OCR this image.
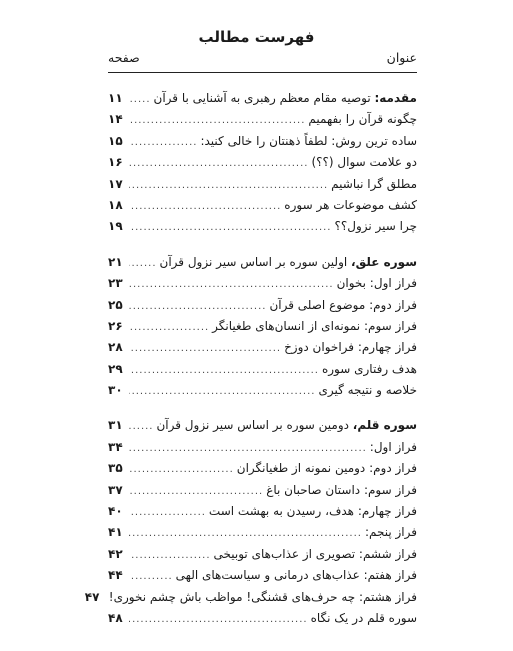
فهرست مطالب
عنوان
صفحه
مقدمه: توصیه مقام معظم رهبری به آشنایی با قرآن
.....
۱۱
چگونه قرآن را بفهمیم
.....
۱۴
ساده ترین روش: لطفاً ذهنتان را خالی کنید:
.....
۱۵
دو علامت سوال (؟؟)
.....
۱۶
مطلق گرا نباشیم
.....
۱۷
کشف موضوعات هر سوره
.....
۱۸
چرا سیر نزول؟؟
.....
۱۹
سوره علق، اولین سوره بر اساس سیر نزول قرآن
.....
۲۱
فراز اول: بخوان
.....
۲۳
فراز دوم: موضوع اصلی قرآن
.....
۲۵
فراز سوم: نمونه‌ای از انسان‌های طغیانگر
.....
۲۶
فراز چهارم: فراخوان دوزخ
.....
۲۸
هدف رفتاری سوره
.....
۲۹
خلاصه و نتیجه گیری
.....
۳۰
سوره قلم، دومین سوره بر اساس سیر نزول قرآن
.....
۳۱
فراز اول:
.....
۳۴
فراز دوم: دومین نمونه از طغیانگران
.....
۳۵
فراز سوم: داستان صاحبان باغ
.....
۳۷
فراز چهارم: هدف، رسیدن به بهشت است
.....
۴۰
فراز پنجم:
.....
۴۱
فراز ششم: تصویری از عذاب‌های توبیخی
.....
۴۲
فراز هفتم: عذاب‌های درمانی و سیاست‌های الهی
.....
۴۴
فراز هشتم: چه حرف‌های قشنگی! مواظب باش چشم نخوری!
۴۷
سوره قلم در یک نگاه
.....
۴۸
